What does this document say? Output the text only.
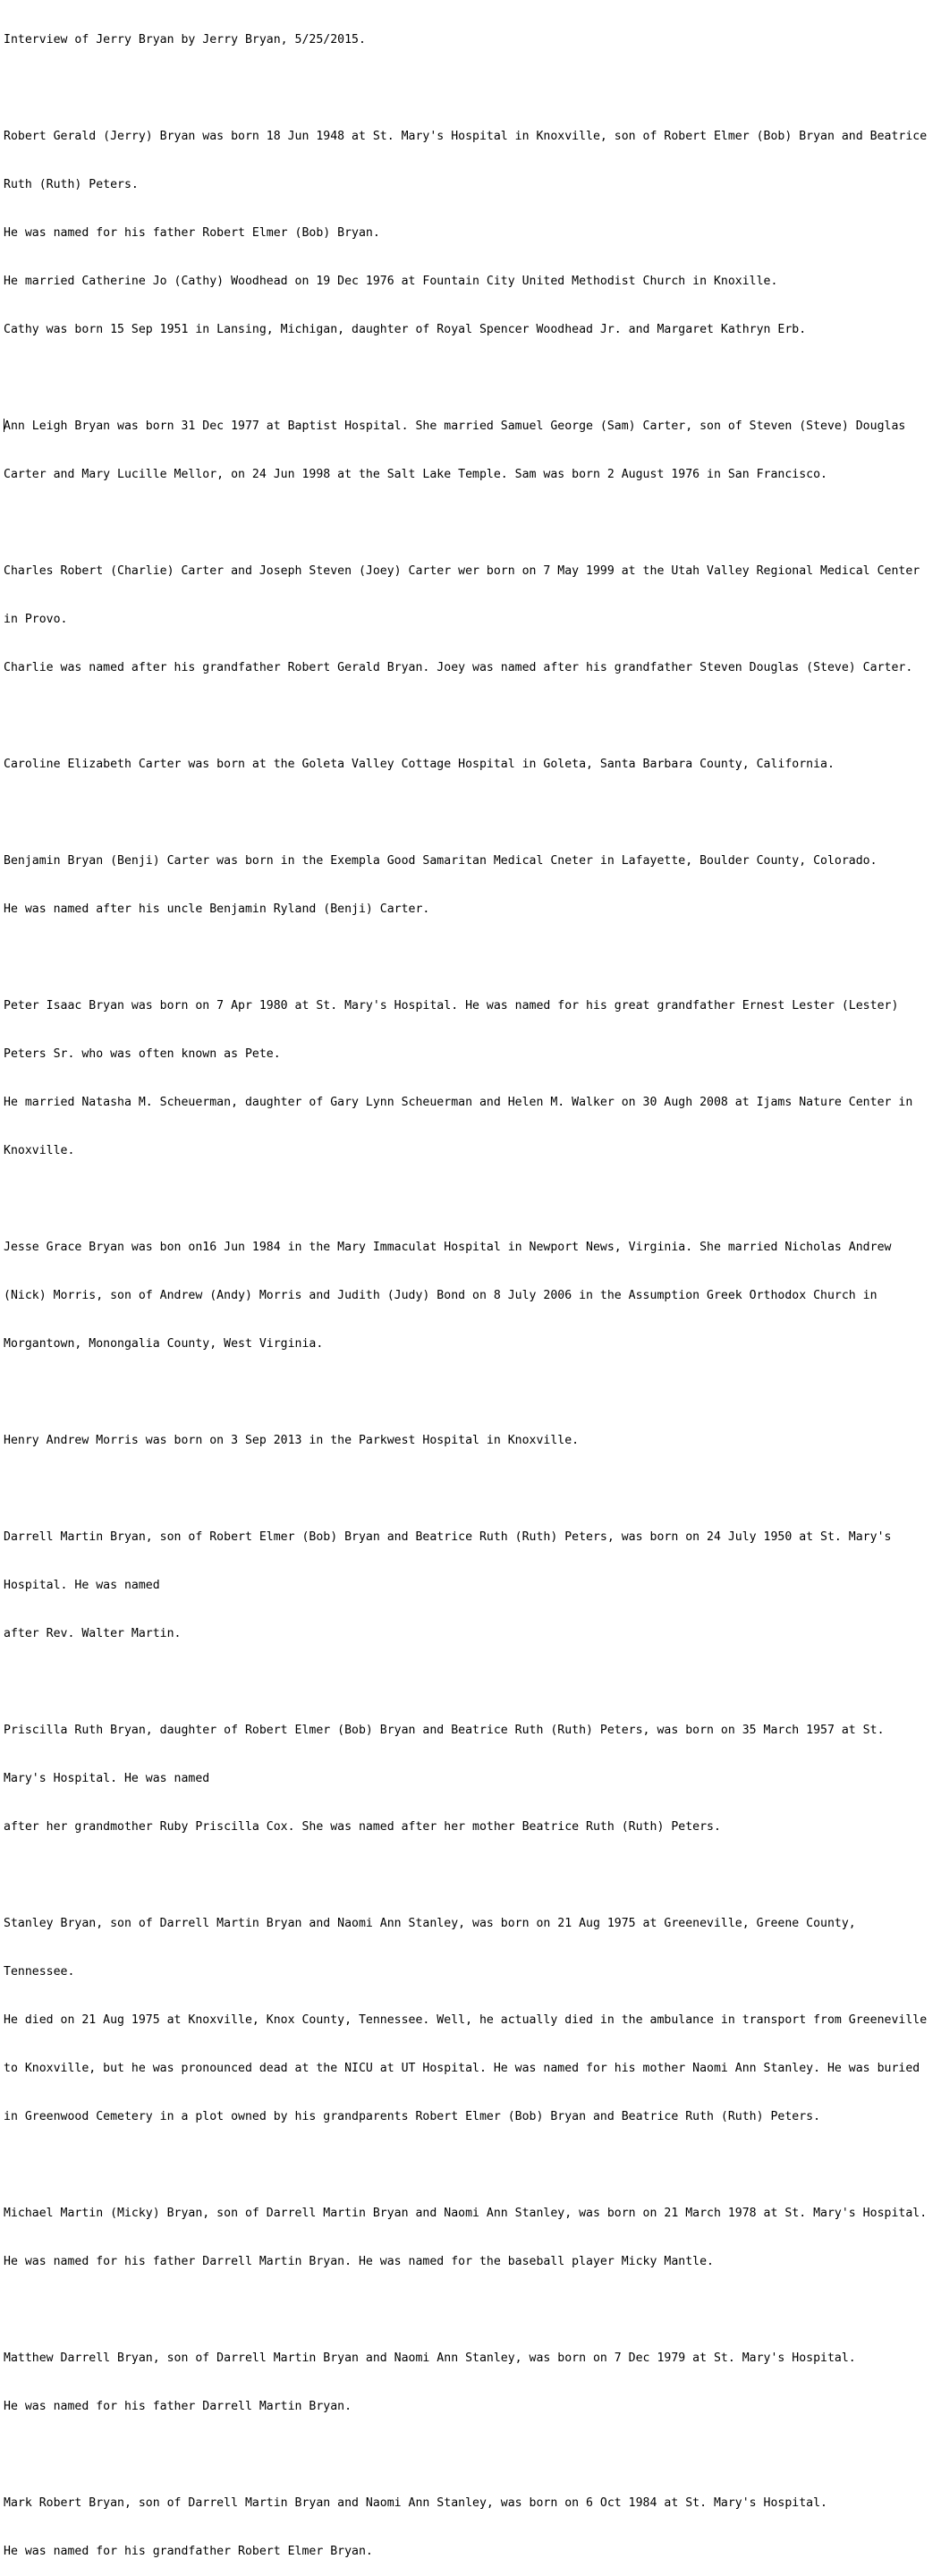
Interview of Jerry Bryan by Jerry Bryan, 5/25/2015.

Robert Gerald (Jerry) Bryan was born 18 Jun 1948 at St. Mary's Hospital in Knoxville, son of Robert Elmer (Bob) Bryan and Beatrice

Ruth (Ruth) Peters.

He was named for his father Robert Elmer (Bob) Bryan.

He married Catherine Jo (Cathy) Woodhead on 19 Dec 1976 at Fountain City United Methodist Church in Knoxille.

Cathy was born 15 Sep 1951 in Lansing, Michigan, daughter of Royal Spencer Woodhead Jr. and Margaret Kathryn Erb.

Ann Leigh Bryan was born 31 Dec 1977 at Baptist Hospital. She married Samuel George (Sam) Carter, son of Steven (Steve) Douglas

Carter and Mary Lucille Mellor, on 24 Jun 1998 at the Salt Lake Temple. Sam was born 2 August 1976 in San Francisco.

Charles Robert (Charlie) Carter and Joseph Steven (Joey) Carter wer born on 7 May 1999 at the Utah Valley Regional Medical Center

in Provo.

Charlie was named after his grandfather Robert Gerald Bryan. Joey was named after his grandfather Steven Douglas (Steve) Carter.

Caroline Elizabeth Carter was born at the Goleta Valley Cottage Hospital in Goleta, Santa Barbara County, California.

Benjamin Bryan (Benji) Carter was born in the Exempla Good Samaritan Medical Cneter in Lafayette, Boulder County, Colorado.

He was named after his uncle Benjamin Ryland (Benji) Carter.

Peter Isaac Bryan was born on 7 Apr 1980 at St. Mary's Hospital. He was named for his great grandfather Ernest Lester (Lester)

Peters Sr. who was often known as Pete.

He married Natasha M. Scheuerman, daughter of Gary Lynn Scheuerman and Helen M. Walker on 30 Augh 2008 at Ijams Nature Center in

Knoxville.

Jesse Grace Bryan was bon on16 Jun 1984 in the Mary Immaculat Hospital in Newport News, Virginia. She married Nicholas Andrew

(Nick) Morris, son of Andrew (Andy) Morris and Judith (Judy) Bond on 8 July 2006 in the Assumption Greek Orthodox Church in

Morgantown, Monongalia County, West Virginia.

Henry Andrew Morris was born on 3 Sep 2013 in the Parkwest Hospital in Knoxville.

Darrell Martin Bryan, son of Robert Elmer (Bob) Bryan and Beatrice Ruth (Ruth) Peters, was born on 24 July 1950 at St. Mary's

Hospital. He was named

after Rev. Walter Martin.

Priscilla Ruth Bryan, daughter of Robert Elmer (Bob) Bryan and Beatrice Ruth (Ruth) Peters, was born on 35 March 1957 at St.

Mary's Hospital. He was named

after her grandmother Ruby Priscilla Cox. She was named after her mother Beatrice Ruth (Ruth) Peters.

Stanley Bryan, son of Darrell Martin Bryan and Naomi Ann Stanley, was born on 21 Aug 1975 at Greeneville, Greene County,

Tennessee.

He died on 21 Aug 1975 at Knoxville, Knox County, Tennessee. Well, he actually died in the ambulance in transport from Greeneville

to Knoxville, but he was pronounced dead at the NICU at UT Hospital. He was named for his mother Naomi Ann Stanley. He was buried

in Greenwood Cemetery in a plot owned by his grandparents Robert Elmer (Bob) Bryan and Beatrice Ruth (Ruth) Peters.

Michael Martin (Micky) Bryan, son of Darrell Martin Bryan and Naomi Ann Stanley, was born on 21 March 1978 at St. Mary's Hospital.

He was named for his father Darrell Martin Bryan. He was named for the baseball player Micky Mantle.

Matthew Darrell Bryan, son of Darrell Martin Bryan and Naomi Ann Stanley, was born on 7 Dec 1979 at St. Mary's Hospital.

He was named for his father Darrell Martin Bryan.

Mark Robert Bryan, son of Darrell Martin Bryan and Naomi Ann Stanley, was born on 6 Oct 1984 at St. Mary's Hospital.

He was named for his grandfather Robert Elmer Bryan.
